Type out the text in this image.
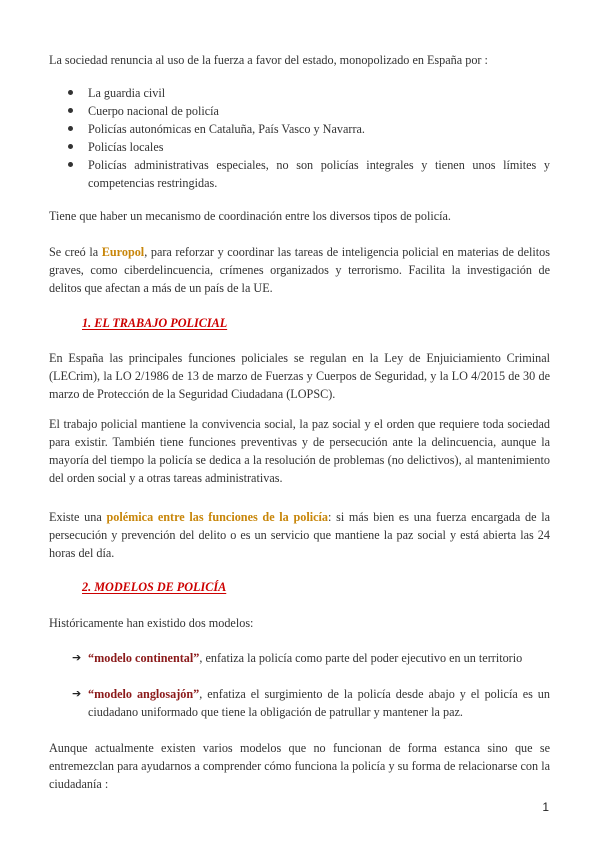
La sociedad renuncia al uso de la fuerza a favor del estado, monopolizado en España por :

La guardia civil
Cuerpo nacional de policía
Policías autonómicas en Cataluña, País Vasco y Navarra.
Policías locales
Policías administrativas especiales, no son policías integrales y tienen unos límites y competencias restringidas.

Tiene que haber un mecanismo de coordinación entre los diversos tipos de policía.

Se creó la Europol, para reforzar y coordinar las tareas de inteligencia policial en materias de delitos graves, como ciberdelincuencia, crímenes organizados y terrorismo. Facilita la investigación de delitos que afectan a más de un país de la UE.

1. EL TRABAJO POLICIAL

En España las principales funciones policiales se regulan en la Ley de Enjuiciamiento Criminal (LECrim), la LO 2/1986 de 13 de marzo de Fuerzas y Cuerpos de Seguridad, y la LO 4/2015 de 30 de marzo de Protección de la Seguridad Ciudadana (LOPSC).

El trabajo policial mantiene la convivencia social, la paz social y el orden que requiere toda sociedad para existir. También tiene funciones preventivas y de persecución ante la delincuencia, aunque la mayoría del tiempo la policía se dedica a la resolución de problemas (no delictivos), al mantenimiento del orden social y a otras tareas administrativas.

Existe una polémica entre las funciones de la policía: si más bien es una fuerza encargada de la persecución y prevención del delito o es un servicio que mantiene la paz social y está abierta las 24 horas del día.

2. MODELOS DE POLICÍA

Históricamente han existido dos modelos:

➔ “modelo continental”, enfatiza la policía como parte del poder ejecutivo en un territorio
➔ “modelo anglosajón”, enfatiza el surgimiento de la policía desde abajo y el policía es un ciudadano uniformado que tiene la obligación de patrullar y mantener la paz.

Aunque actualmente existen varios modelos que no funcionan de forma estanca sino que se entremezclan para ayudarnos a comprender cómo funciona la policía y su forma de relacionarse con la ciudadanía :

1
